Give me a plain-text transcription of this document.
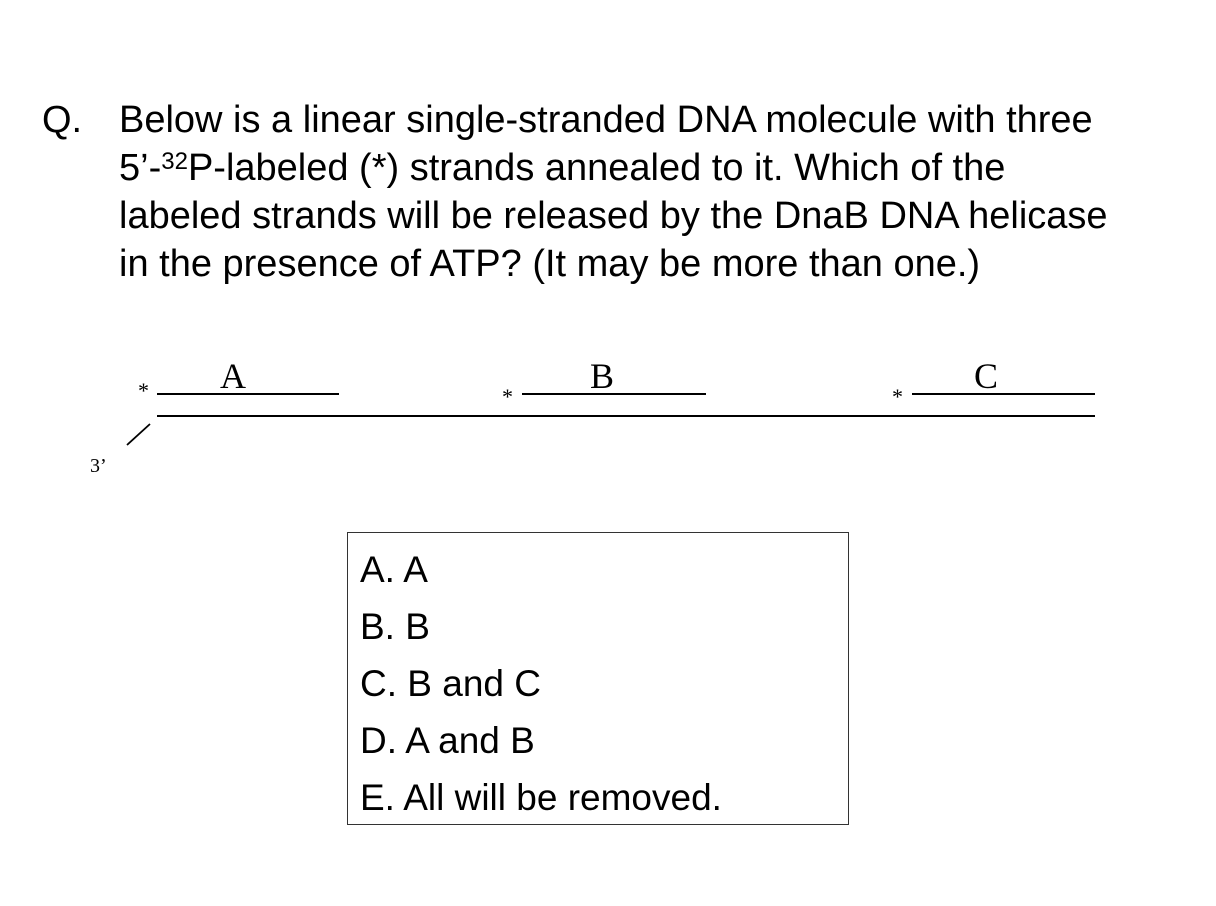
Q. Below is a linear single-stranded DNA molecule with three
5’-$^{32}$P-labeled (*) strands annealed to it. Which of the
labeled strands will be released by the DnaB DNA helicase
in the presence of ATP? (It may be more than one.)
3’
* A
*
B
*
C
A. A
B. B
C. B and C
D. A and B
E. All will be removed.
